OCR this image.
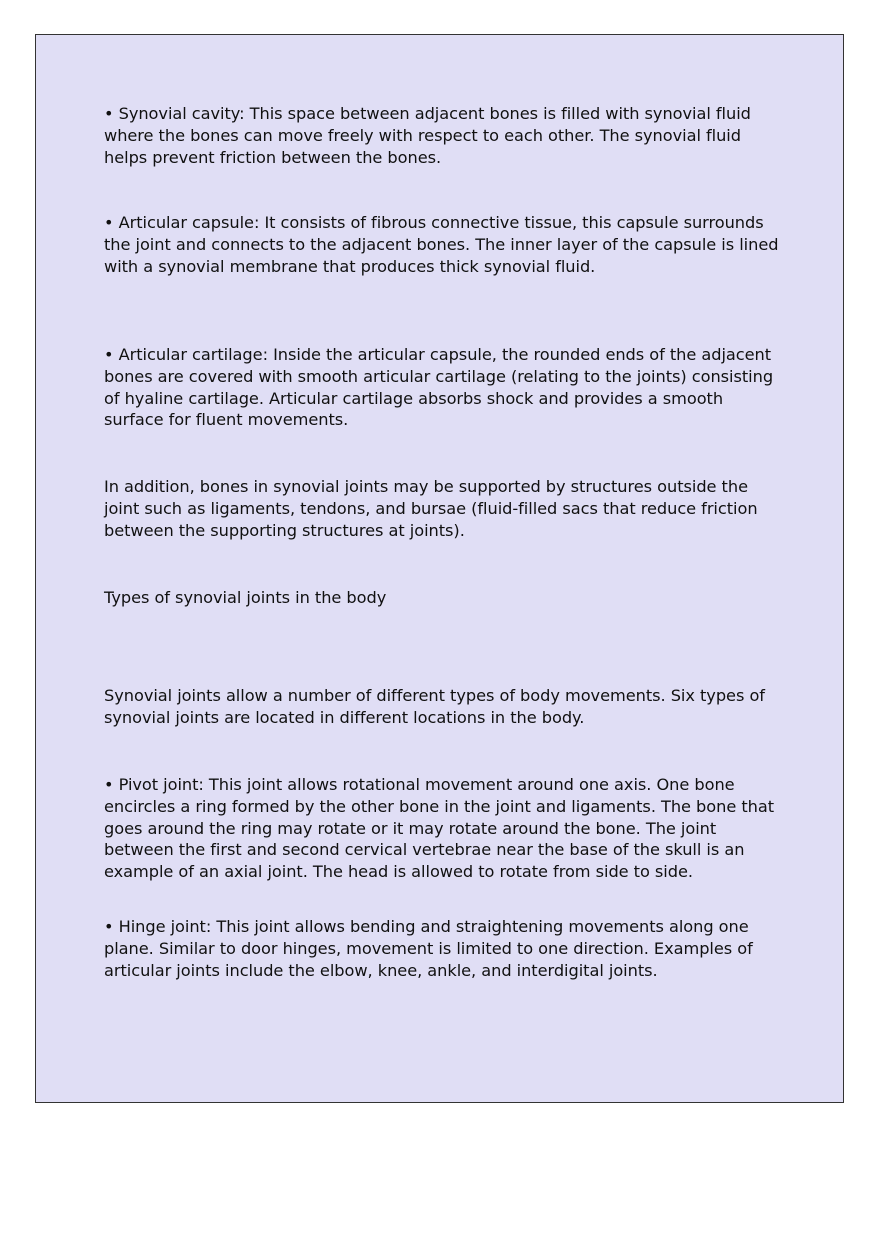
• Synovial cavity: This space between adjacent bones is filled with synovial fluid where the bones can move freely with respect to each other. The synovial fluid helps prevent friction between the bones.

• Articular capsule: It consists of fibrous connective tissue, this capsule surrounds the joint and connects to the adjacent bones. The inner layer of the capsule is lined with a synovial membrane that produces thick synovial fluid.

• Articular cartilage: Inside the articular capsule, the rounded ends of the adjacent bones are covered with smooth articular cartilage (relating to the joints) consisting of hyaline cartilage. Articular cartilage absorbs shock and provides a smooth surface for fluent movements.

In addition, bones in synovial joints may be supported by structures outside the joint such as ligaments, tendons, and bursae (fluid-filled sacs that reduce friction between the supporting structures at joints).

Types of synovial joints in the body

Synovial joints allow a number of different types of body movements. Six types of synovial joints are located in different locations in the body.

• Pivot joint: This joint allows rotational movement around one axis. One bone encircles a ring formed by the other bone in the joint and ligaments. The bone that goes around the ring may rotate or it may rotate around the bone. The joint between the first and second cervical vertebrae near the base of the skull is an example of an axial joint. The head is allowed to rotate from side to side.

• Hinge joint: This joint allows bending and straightening movements along one plane. Similar to door hinges, movement is limited to one direction. Examples of articular joints include the elbow, knee, ankle, and interdigital joints.
